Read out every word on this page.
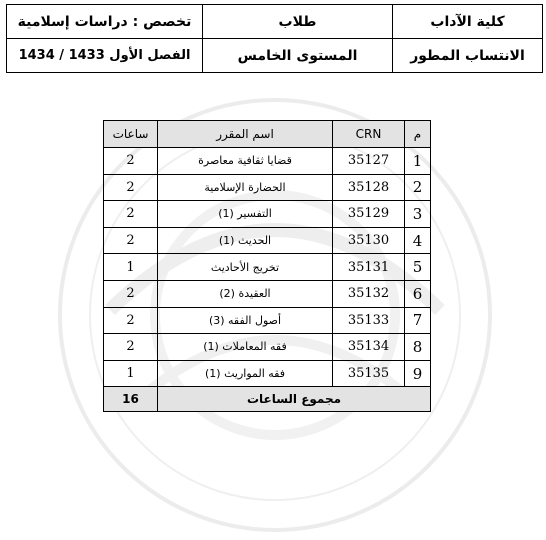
كلية الآداب	طلاب	تخصص : دراسات إسلامية
الانتساب المطور	المستوى الخامس	الفصل الأول 1433 / 1434
م	CRN	اسم المقرر	ساعات
1	35127	قضايا ثقافية معاصرة	2
2	35128	الحضارة الإسلامية	2
3	35129	التفسير (1)	2
4	35130	الحديث (1)	2
5	35131	تخريج الأحاديث	1
6	35132	العقيدة (2)	2
7	35133	أصول الفقه (3)	2
8	35134	فقه المعاملات (1)	2
9	35135	فقه المواريث (1)	1
مجموع الساعات			16
